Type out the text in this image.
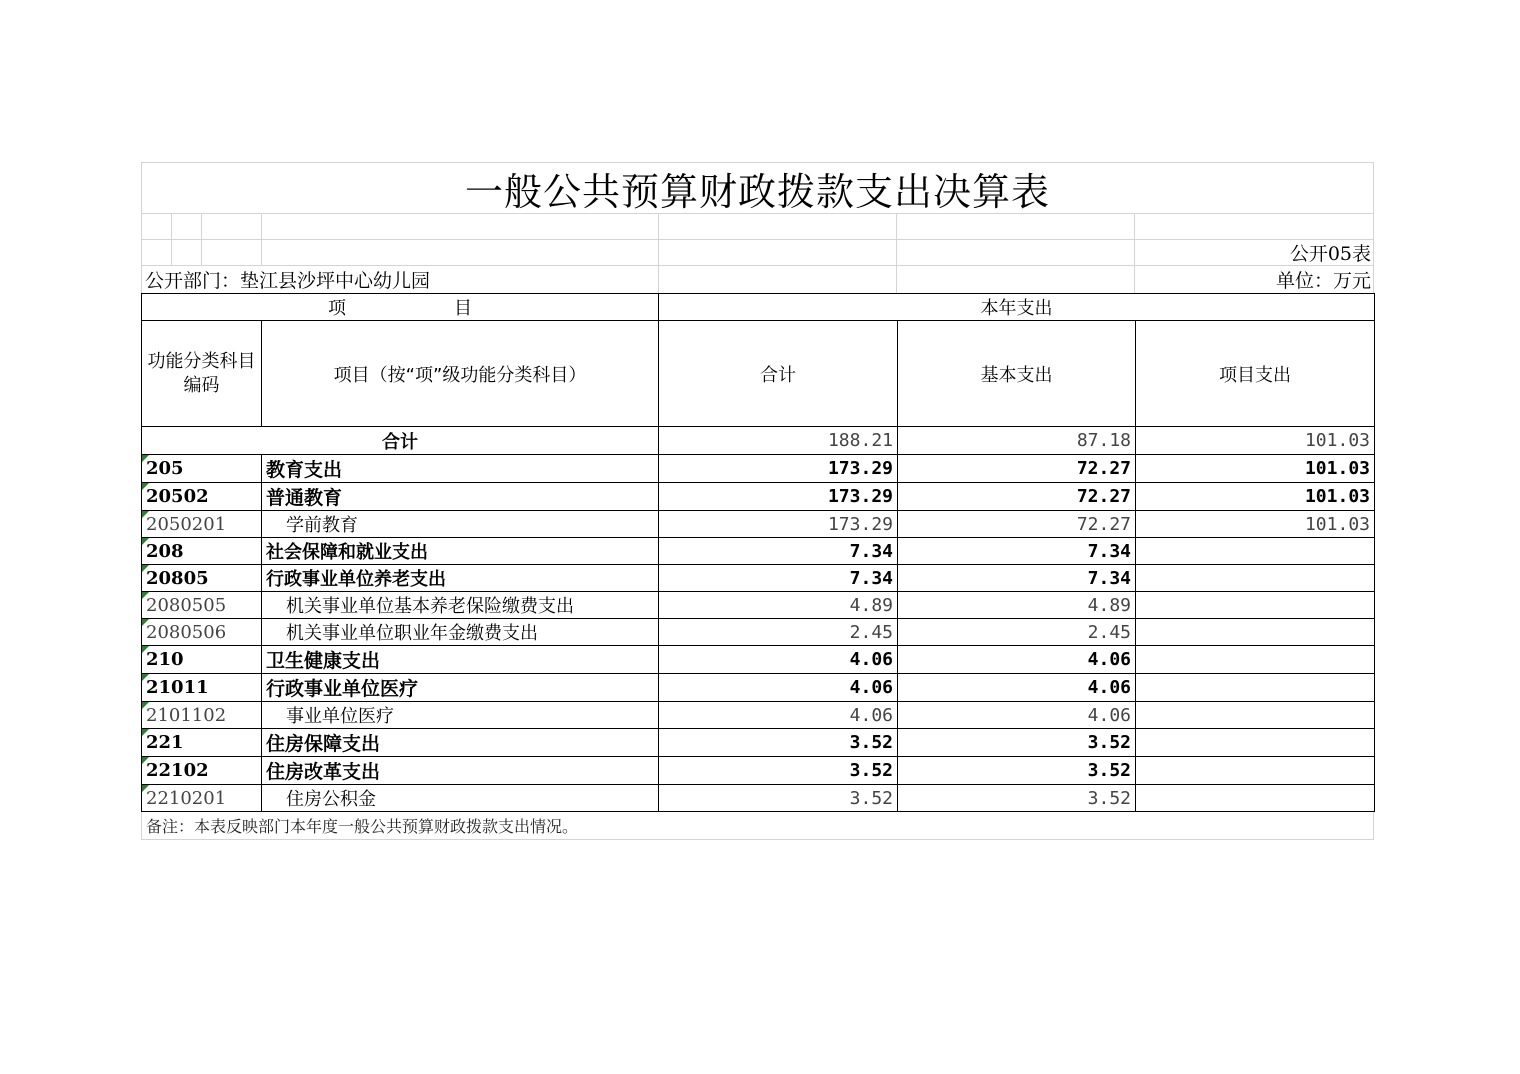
一般公共预算财政拨款支出决算表
公开05表
公开部门：垫江县沙坪中心幼儿园	单位：万元
项　　　　　　目		本年支出		
功能分类科目编码	项目（按“项”级功能分类科目）	合计	基本支出	项目支出
合计		188.21	87.18	101.03

205	教育支出	173.29	72.27	101.03

20502	普通教育	173.29	72.27	101.03

2050201	学前教育	173.29	72.27	101.03

208	社会保障和就业支出	7.34	7.34	

20805	行政事业单位养老支出	7.34	7.34	

2080505	机关事业单位基本养老保险缴费支出	4.89	4.89	

2080506	机关事业单位职业年金缴费支出	2.45	2.45	

210	卫生健康支出	4.06	4.06	

21011	行政事业单位医疗	4.06	4.06	

2101102	事业单位医疗	4.06	4.06	

221	住房保障支出	3.52	3.52	

22102	住房改革支出	3.52	3.52	

2210201	住房公积金	3.52	3.52	
备注：本表反映部门本年度一般公共预算财政拨款支出情况。
